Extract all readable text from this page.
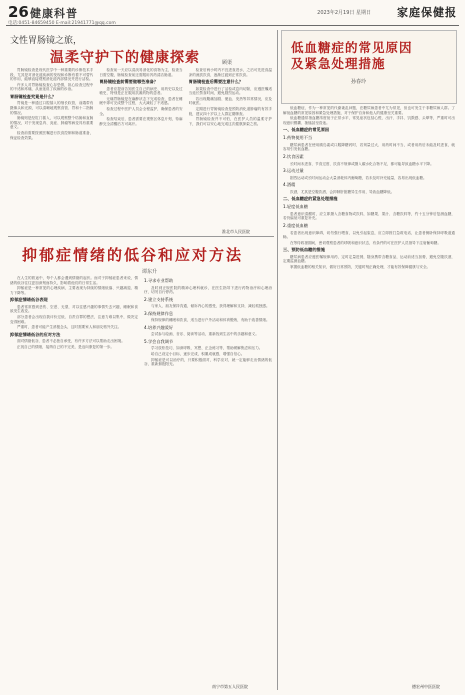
26 健康科普	2023年2月19日 星期日 家庭保健报
电话:0451-84659450 E-mail:21941771@qq.com
文性胃肠镜之旅，
温柔守护下的健康探索	顾渠
胃肠镜检查是现代医学中一种重要的诊断技术手段，尤其是对消化道疾病的发现和诊断有着不可替代的作用，能够直接观察消化道内部情况并进行活检。
许多人对胃肠镜检查心存恐惧，担心检查过程中的不适和疼痛，从而延误了疾病的诊治。
胃肠镜检查究竟是什么？
胃镜是一种通过口腔插入的细长软管，前端带有摄像头和光源，可以清晰地观察食管、胃和十二指肠的情况。
肠镜则是经肛门插入，可以观察整个结肠和直肠的情况，对于发现息肉、炎症、肿瘤等病变具有重要意义。
检查前需要按照医嘱进行饮食控制和肠道准备，保证检查效果。
检查前一天应以清淡易消化的食物为主，检查当日需空腹，肠镜检查前还需服用泻药清洁肠道。
胃肠镜检查前需要做哪些准备？
患者应提前告知医生自己的病史、用药史以及过敏史，特别是正在服用抗凝药物的患者。
无痛胃肠镜是在麻醉状态下完成检查，患者在睡眠中即可完成整个过程，大大减轻了不适感。
检查过程中医护人员会全程监护，确保患者的安全。
检查结束后，患者需要在观察区休息片刻，待麻醉完全清醒后方可离开。
检查后两小时内不宜进食进水，之后可先进食温凉的流质饮食，逐渐过渡到正常饮食。
胃肠镜检查后需要注意什么？
如果检查中进行了活检或息肉切除，应遵医嘱适当延长禁食时间，避免剧烈运动。
若出现腹痛加剧、便血、发热等异常情况，应及时就医。
定期进行胃肠镜检查是预防消化道肿瘤的有效手段，建议四十岁以上人群定期筛查。
胃肠镜检查并不可怕，在医护人员的温柔守护下，我们可以安心地完成这次健康探索之旅。
淮北市人民医院
低血糖症的常见原因
及紧急处理措施
孙春玲
低血糖症，作为一种常见的代谢紊乱问题，在糖尿病患者中尤为常见，但也可发生于非糖尿病人群。了解低血糖的常见原因和紧急处理措施，对于保护自身和他人的健康至关重要。
低血糖通常指血糖浓度低于正常水平，常见症状包括心慌、出汗、手抖、饥饿感、头晕等，严重时可出现意识模糊、抽搐甚至昏迷。
一、低血糖症的常见原因
1.药物使用不当
糖尿病患者在使用胰岛素或口服降糖药时，若剂量过大、用药时间不当，或者用药后未能及时进食，就容易引发低血糖。
2.饮食因素
长时间未进食、节食过度、饮食不规律或摄入碳水化合物不足，都可能导致血糖水平下降。
3.运动过量
剧烈运动或长时间运动会大量消耗体内葡萄糖，若未及时补充能量，容易出现低血糖。
4.酒精
饮酒，尤其是空腹饮酒，会抑制肝脏糖异生作用，导致血糖降低。
二、低血糖症的紧急处理措施
1.轻度低血糖
患者意识清醒时，应立即摄入含糖食物或饮料，如糖果、果汁、含糖饮料等，约十五分钟后复测血糖，若仍偏低可重复补充。
2.重度低血糖
若患者出现意识障碍，切勿强行喂食，以免引起窒息，应立即拨打急救电话，让患者侧卧保持呼吸道通畅。
在等待救援期间，密切观察患者的呼吸和意识状态，有条件的可在医护人员指导下注射葡萄糖。
三、预防低血糖的措施
糖尿病患者应遵医嘱规律用药，定时定量进餐，随身携带含糖食品，运动前适当加餐，避免空腹饮酒，定期监测血糖。
掌握低血糖的相关知识，做好日常预防，关键时刻正确处理，才能有效保障健康与安全。
德宏州中医医院
抑郁症情绪的低谷和应对方法
谭东升
在人生的旅途中，每个人都会遇到情绪的起伏。而对于抑郁症患者来说，情绪的低谷往往更加深刻而持久，影响着他们的日常生活。
抑郁症是一种常见的心理疾病，主要表现为持续的情绪低落、兴趣减退、精力下降等。
抑郁症情绪低谷表现
患者常常感到悲伤、空虚、无望，对以往感兴趣的事情失去兴趣，睡眠和食欲发生改变。
部分患者会出现自我评价过低、自责自罪的想法，注意力难以集中，做决定变得困难。
严重时，患者可能产生消极念头，这时需要家人和朋友格外关注。
抑郁症情绪低谷的应对方法
面对情绪低谷，患者不必独自承受，有许多方法可以帮助走出困境。
正视自己的情绪，接纳自己的不完美，是迈向康复的第一步。
1.寻求专业帮助
及时到正规医院的精神心理科就诊，在医生指导下进行药物治疗和心理治疗，切勿自行停药。
2.建立支持系统
与家人、朋友保持沟通，倾诉内心的感受，获得理解和支持，减轻孤独感。
3.保持规律作息
保持规律的睡眠和饮食，适当进行户外活动和体育锻炼，有助于改善情绪。
4.培养兴趣爱好
尝试参与绘画、音乐、阅读等活动，重新找到生活中的乐趣和意义。
5.学会自我调节
学习放松技巧，如深呼吸、冥想、正念练习等，帮助缓解焦虑和压力。
给自己设定小目标，逐步完成，积累成就感，增强自信心。
抑郁症是可以治疗的，只要积极面对，科学应对，就一定能够走出情绪的低谷，重新拥抱阳光。
南宁市第五人民医院
